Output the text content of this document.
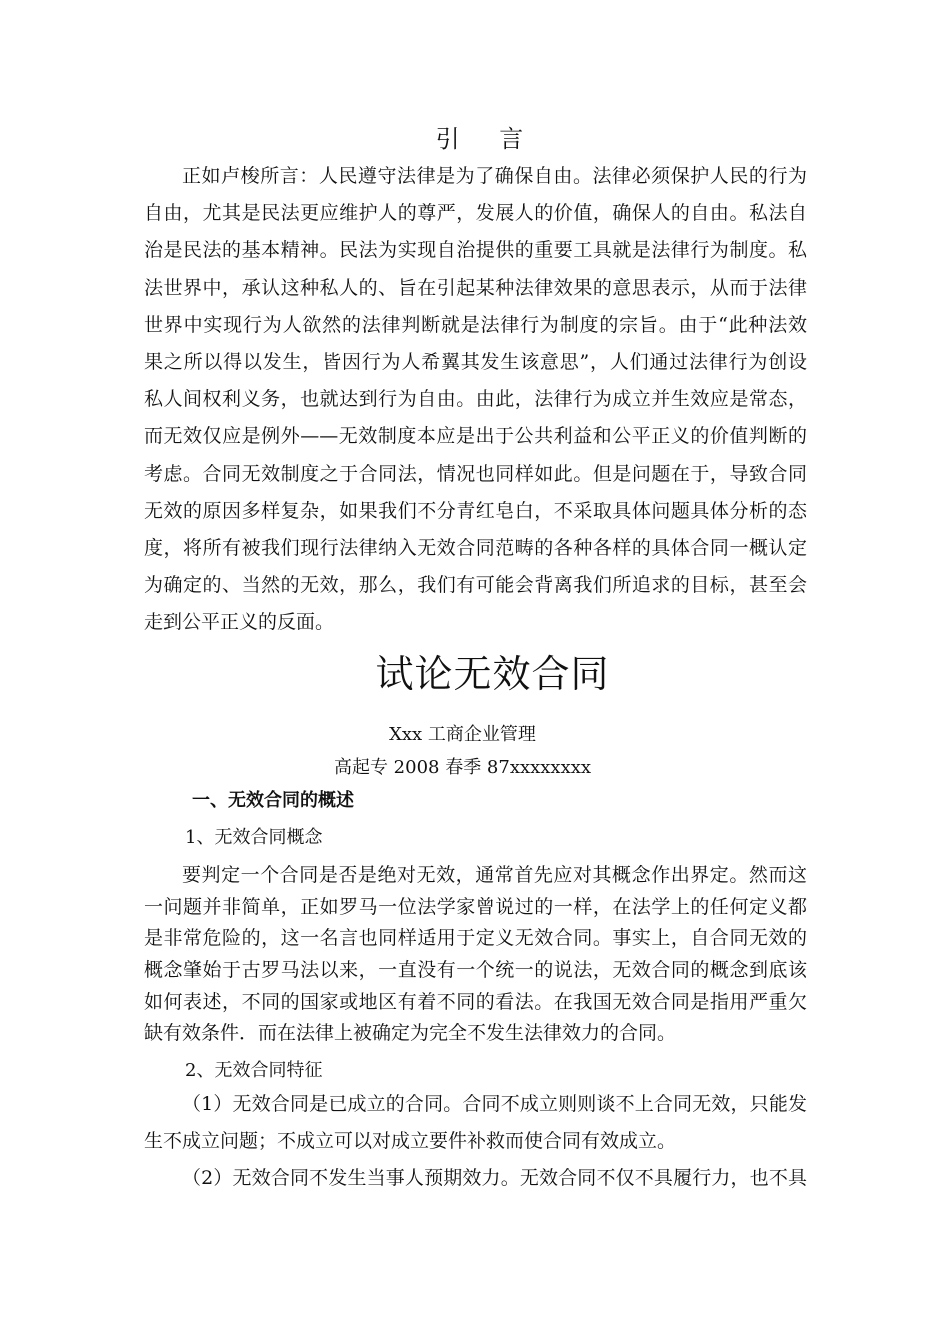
引 言
正如卢梭所言：人民遵守法律是为了确保自由。法律必须保护人民的行为
自由，尤其是民法更应维护人的尊严，发展人的价值，确保人的自由。私法自
治是民法的基本精神。民法为实现自治提供的重要工具就是法律行为制度。私
法世界中，承认这种私人的、旨在引起某种法律效果的意思表示，从而于法律
世界中实现行为人欲然的法律判断就是法律行为制度的宗旨。由于“此种法效
果之所以得以发生，皆因行为人希翼其发生该意思”，人们通过法律行为创设
私人间权利义务，也就达到行为自由。由此，法律行为成立并生效应是常态，
而无效仅应是例外——无效制度本应是出于公共利益和公平正义的价值判断的
考虑。合同无效制度之于合同法，情况也同样如此。但是问题在于，导致合同
无效的原因多样复杂，如果我们不分青红皂白，不采取具体问题具体分析的态
度，将所有被我们现行法律纳入无效合同范畴的各种各样的具体合同一概认定
为确定的、当然的无效，那么，我们有可能会背离我们所追求的目标，甚至会
走到公平正义的反面。
试论无效合同
Xxx 工商企业管理
高起专 2008 春季 87xxxxxxxx
一、无效合同的概述
1、无效合同概念
要判定一个合同是否是绝对无效，通常首先应对其概念作出界定。然而这
一问题并非简单，正如罗马一位法学家曾说过的一样，在法学上的任何定义都
是非常危险的，这一名言也同样适用于定义无效合同。事实上，自合同无效的
概念肇始于古罗马法以来，一直没有一个统一的说法，无效合同的概念到底该
如何表述，不同的国家或地区有着不同的看法。在我国无效合同是指用严重欠
缺有效条件．而在法律上被确定为完全不发生法律效力的合同。
2、无效合同特征
（1）无效合同是已成立的合同。合同不成立则则谈不上合同无效，只能发
生不成立问题；不成立可以对成立要件补救而使合同有效成立。
（2）无效合同不发生当事人预期效力。无效合同不仅不具履行力，也不具
